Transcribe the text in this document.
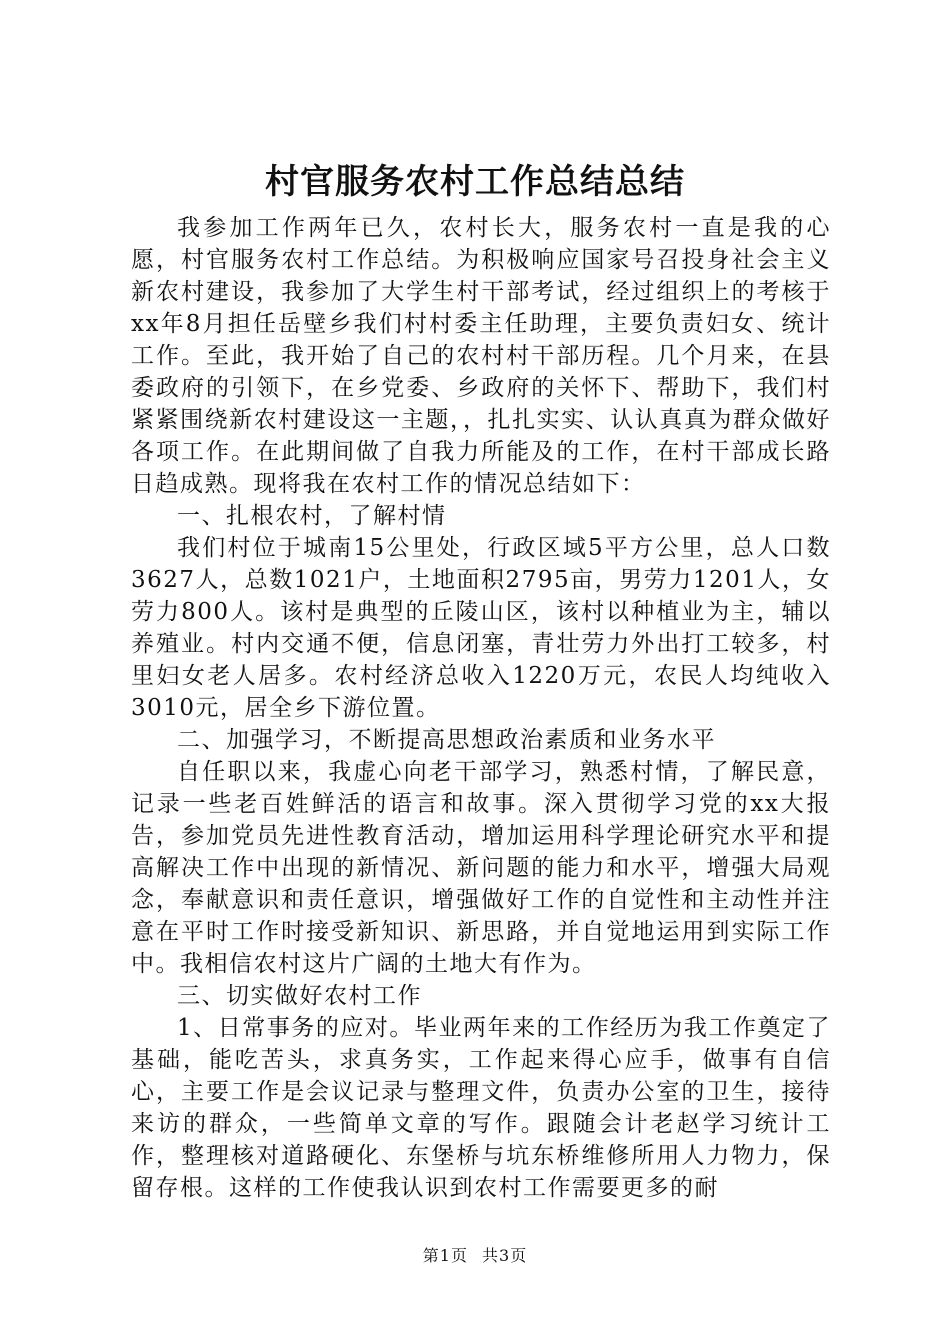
村官服务农村工作总结总结

我参加工作两年已久，农村长大，服务农村一直是我的心愿，村官服务农村工作总结。为积极响应国家号召投身社会主义新农村建设，我参加了大学生村干部考试，经过组织上的考核于xx年8月担任岳壁乡我们村村委主任助理，主要负责妇女、统计工作。至此，我开始了自己的农村村干部历程。几个月来，在县委政府的引领下，在乡党委、乡政府的关怀下、帮助下，我们村紧紧围绕新农村建设这一主题，，扎扎实实、认认真真为群众做好各项工作。在此期间做了自我力所能及的工作，在村干部成长路日趋成熟。现将我在农村工作的情况总结如下：

一、扎根农村，了解村情

我们村位于城南15公里处，行政区域5平方公里，总人口数3627人，总数1021户，土地面积2795亩，男劳力1201人，女劳力800人。该村是典型的丘陵山区，该村以种植业为主，辅以养殖业。村内交通不便，信息闭塞，青壮劳力外出打工较多，村里妇女老人居多。农村经济总收入1220万元，农民人均纯收入3010元，居全乡下游位置。

二、加强学习，不断提高思想政治素质和业务水平

自任职以来，我虚心向老干部学习，熟悉村情，了解民意，记录一些老百姓鲜活的语言和故事。深入贯彻学习党的xx大报告，参加党员先进性教育活动，增加运用科学理论研究水平和提高解决工作中出现的新情况、新问题的能力和水平，增强大局观念，奉献意识和责任意识，增强做好工作的自觉性和主动性并注意在平时工作时接受新知识、新思路，并自觉地运用到实际工作中。我相信农村这片广阔的土地大有作为。

三、切实做好农村工作

1、日常事务的应对。毕业两年来的工作经历为我工作奠定了基础，能吃苦头，求真务实，工作起来得心应手，做事有自信心，主要工作是会议记录与整理文件，负责办公室的卫生，接待来访的群众，一些简单文章的写作。跟随会计老赵学习统计工作，整理核对道路硬化、东堡桥与坑东桥维修所用人力物力，保留存根。这样的工作使我认识到农村工作需要更多的耐

第1页 共3页
